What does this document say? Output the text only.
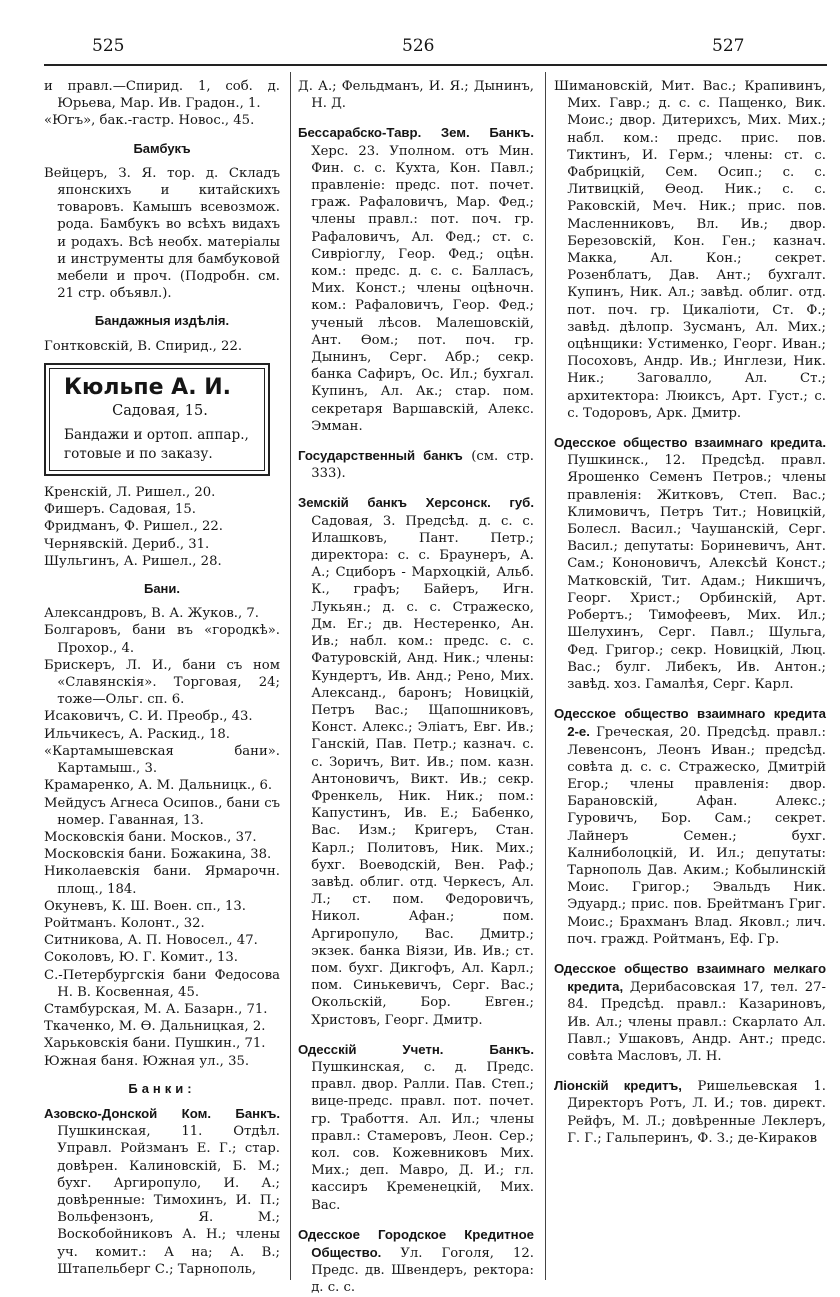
525	526	527
и правл.—Спирид. 1, соб. д. Юрьева, Мар. Ив. Градон., 1.
«Югъ», бак.-гастр. Новос., 45.
Бамбукъ
Вейцеръ, З. Я. тор. д. Складъ японскихъ и китайскихъ товаровъ. Камышъ всевозмож. рода. Бамбукъ во всѣхъ видахъ и родахъ. Всѣ необх. матеріалы и инструменты для бамбуковой мебели и проч. (Подробн. см. 21 стр. объявл.).
Бандажныя издѣлія.
Гонтковскій, В. Спирид., 22.
Кюльпе А. И.
Садовая, 15.
Бандажи и ортоп. аппар., готовые и по заказу.
Кренскій, Л. Ришел., 20.
Фишеръ. Садовая, 15.
Фридманъ, Ф. Ришел., 22.
Чернявскій. Дериб., 31.
Шульгинъ, А. Ришел., 28.
Бани.
Александровъ, В. А. Жуков., 7.
Болгаровъ, бани въ «городкѣ». Прохор., 4.
Брискеръ, Л. И., бани съ ном «Славянскія». Торговая, 24; тоже—Ольг. сп. 6.
Исаковичъ, С. И. Преобр., 43.
Ильчикесъ, А. Раскид., 18.
«Картамышевская бани». Картамыш., 3.
Крамаренко, А. М. Дальницк., 6.
Мейдусъ Агнеса Осипов., бани съ номер. Гаванная, 13.
Московскія бани. Москов., 37.
Московскія бани. Божакина, 38.
Николаевскія бани. Ярмарочн. площ., 184.
Окуневъ, К. Ш. Воен. сп., 13.
Ройтманъ. Колонт., 32.
Ситникова, А. П. Новосел., 47.
Соколовъ, Ю. Г. Комит., 13.
С.-Петербургскія бани Федосова Н. В. Косвенная, 45.
Стамбурская, М. А. Базарн., 71.
Ткаченко, М. Ѳ. Дальницкая, 2.
Харьковскія бани. Пушкин., 71.
Южная баня. Южная ул., 35.
Банки:
Азовско-Донской Ком. Банкъ. Пушкинская, 11. Отдѣл. Управл. Ройзманъ Е. Г.; стар. довѣрен. Калиновскій, Б. М.; бухг. Аргиропуло, И. А.; довѣренные: Тимохинъ, И. П.; Вольфензонъ, Я. М.; Воскобойниковъ А. Н.; члены уч. комит.: А на; А. В.; Штапельберг С.; Тарнополь,
Д. А.; Фельдманъ, И. Я.; Дынинъ, Н. Д.
Бессарабско-Тавр. Зем. Банкъ. Херс. 23. Уполном. отъ Мин. Фин. с. с. Кухта, Кон. Павл.; правленіе: предс. пот. почет. граж. Рафаловичъ, Мар. Фед.; члены правл.: пот. поч. гр. Рафаловичъ, Ал. Фед.; ст. с. Сивріоглу, Геор. Фед.; оцѣн. ком.: предс. д. с. с. Балласъ, Мих. Конст.; члены оцѣночн. ком.: Рафаловичъ, Геор. Фед.; ученый лѣсов. Малешовскій, Ант. Ѳом.; пот. поч. гр. Дынинъ, Серг. Абр.; секр. банка Сафиръ, Ос. Ил.; бухгал. Купинъ, Ал. Ак.; стар. пом. секретаря Варшавскій, Алекс. Эмман.
Государственный банкъ (см. стр. 333).
Земскій банкъ Херсонск. губ. Садовая, 3. Предсѣд. д. с. с. Илашковъ, Пант. Петр.; директора: с. с. Браунеръ, А. А.; Сциборъ - Мархоцкій, Альб. К., графъ; Байеръ, Игн. Лукьян.; д. с. с. Стражеско, Дм. Ег.; дв. Нестеренко, Ан. Ив.; набл. ком.: предс. с. с. Фатуровскій, Анд. Ник.; члены: Кундертъ, Ив. Анд.; Рено, Мих. Александ., баронъ; Новицкій, Петръ Вас.; Щапошниковъ, Конст. Алекс.; Элiатъ, Евг. Ив.; Ганскій, Пав. Петр.; казнач. с. с. Зоричъ, Вит. Ив.; пом. казн. Антоновичъ, Викт. Ив.; секр. Френкель, Ник. Ник.; пом.: Капустинъ, Ив. Е.; Бабенко, Вас. Изм.; Кригеръ, Стан. Карл.; Политовъ, Ник. Мих.; бухг. Воеводскій, Вен. Раф.; завѣд. облиг. отд. Черкесъ, Ал. Л.; ст. пом. Федоровичъ, Никол. Афан.; пом. Аргиропуло, Вас. Дмитр.; экзек. банка Віязи, Ив. Ив.; ст. пом. бухг. Дикгофъ, Ал. Карл.; пом. Синькевичъ, Серг. Вас.; Окольскій, Бор. Евген.; Христовъ, Георг. Дмитр.
Одесскій Учетн. Банкъ. Пушкинская, с. д. Предс. правл. двор. Ралли. Пав. Степ.; вице-предс. правл. пот. почет. гр. Тработтя. Ал. Ил.; члены правл.: Стамеровъ, Леон. Сер.; кол. сов. Кожевниковъ Мих. Мих.; деп. Мавро, Д. И.; гл. кассиръ Кременецкій, Мих. Вас.
Одесское Городское Кредитное Общество. Ул. Гоголя, 12. Предс. дв. Швендеръ, ректора: д. с. с.
Шимановскій, Мит. Вас.; Крапивинъ, Мих. Гавр.; д. с. с. Пащенко, Вик. Моис.; двор. Дитерихсъ, Мих. Мих.; набл. ком.: предс. прис. пов. Тиктинъ, И. Герм.; члены: ст. с. Фабрицкій, Сем. Осип.; с. с. Литвицкій, Ѳеод. Ник.; с. с. Раковскій, Меч. Ник.; прис. пов. Масленниковъ, Вл. Ив.; двор. Березовскій, Кон. Ген.; казнач. Макка, Ал. Кон.; секрет. Розенблатъ, Дав. Ант.; бухгалт. Купинъ, Ник. Ал.; завѣд. облиг. отд. пот. поч. гр. Цикаліоти, Ст. Ф.; завѣд. дѣлопр. Зусманъ, Ал. Мих.; оцѣнщики: Устименко, Георг. Иван.; Посоховъ, Андр. Ив.; Инглези, Ник. Ник.; Заговалло, Ал. Ст.; архитектора: Люиксъ, Арт. Густ.; с. с. Тодоровъ, Арк. Дмитр.
Одесское общество взаимнаго кредита. Пушкинск., 12. Предсѣд. правл. Ярошенко Семенъ Петров.; члены правленія: Житковъ, Степ. Вас.; Климовичъ, Петръ Тит.; Новицкій, Болесл. Васил.; Чаушанскій, Серг. Васил.; депутаты: Бориневичъ, Ант. Сам.; Кононовичъ, Алексѣй Конст.; Матковскій, Тит. Адам.; Никшичъ, Георг. Христ.; Орбинскій, Арт. Робертъ.; Тимофеевъ, Мих. Ил.; Шелухинъ, Серг. Павл.; Шульга, Фед. Григор.; секр. Новицкій, Люц. Вас.; булг. Либекъ, Ив. Антон.; завѣд. хоз. Гамалѣя, Серг. Карл.
Одесское общество взаимнаго кредита 2-е. Греческая, 20. Предсѣд. правл.: Левенсонъ, Леонъ Иван.; предсѣд. совѣта д. с. с. Стражеско, Дмитрій Егор.; члены правленія: двор. Барановскій, Афан. Алекс.; Гуровичъ, Бор. Сам.; секрет. Лайнеръ Семен.; бухг. Калниболоцкій, И. Ил.; депутаты: Тарнополь Дав. Аким.; Кобылинскій Моис. Григор.; Эвальдъ Ник. Эдуард.; прис. пов. Брейтманъ Григ. Моис.; Брахманъ Влад. Яковл.; лич. поч. гражд. Ройтманъ, Еф. Гр.
Одесское общество взаимнаго мелкаго кредита, Дерибасовская 17, тел. 27-84. Предсѣд. правл.: Казариновъ, Ив. Ал.; члены правл.: Скарлато Ал. Павл.; Ушаковъ, Андр. Ант.; предс. совѣта Масловъ, Л. Н.
Ліонскій кредитъ, Ришельевская 1. Директоръ Ротъ, Л. И.; тов. директ. Рейфъ, М. Л.; довѣренные Леклеръ, Г. Г.; Гальперинъ, Ф. З.; де-Кираков
